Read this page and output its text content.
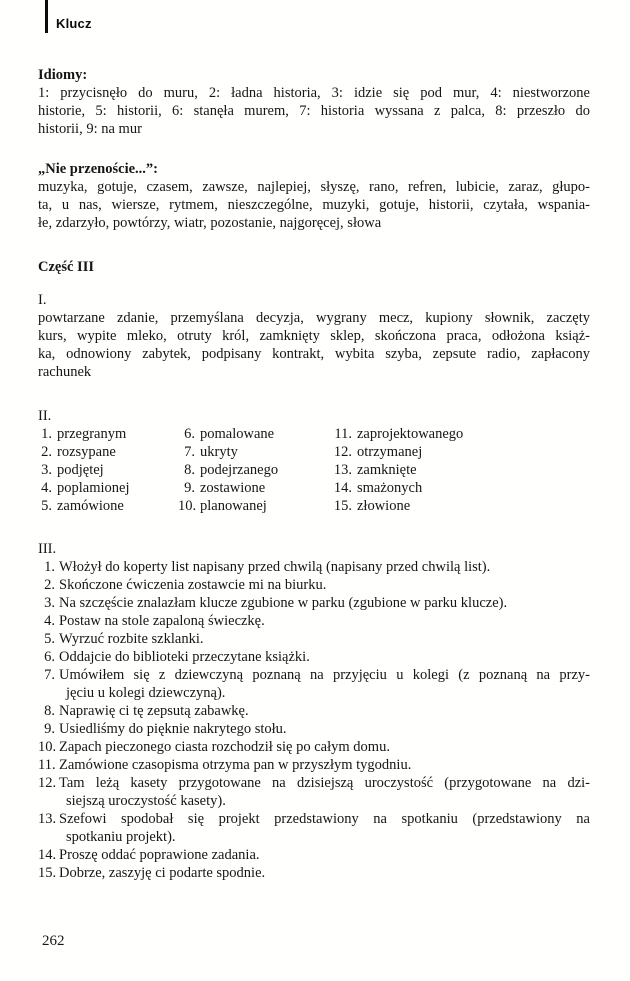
Klucz
Idiomy:
1: przycisnęło do muru, 2: ładna historia, 3: idzie się pod mur, 4: niestworzone
historie, 5: historii, 6: stanęła murem, 7: historia wyssana z palca, 8: przeszło do
historii, 9: na mur
„Nie przenoście...”:
muzyka, gotuje, czasem, zawsze, najlepiej, słyszę, rano, refren, lubicie, zaraz, głupo-
ta, u nas, wiersze, rytmem, nieszczególne, muzyki, gotuje, historii, czytała, wspania-
łe, zdarzyło, powtórzy, wiatr, pozostanie, najgoręcej, słowa
Część III
I.
powtarzane zdanie, przemyślana decyzja, wygrany mecz, kupiony słownik, zaczęty
kurs, wypite mleko, otruty król, zamknięty sklep, skończona praca, odłożona książ-
ka, odnowiony zabytek, podpisany kontrakt, wybita szyba, zepsute radio, zapłacony
rachunek
II.
1. przegranym
2. rozsypane
3. podjętej
4. poplamionej
5. zamówione
6. pomalowane
7. ukryty
8. podejrzanego
9. zostawione
10. planowanej
11. zaprojektowanego
12. otrzymanej
13. zamknięte
14. smażonych
15. złowione
III.
1. Włożył do koperty list napisany przed chwilą (napisany przed chwilą list).
2. Skończone ćwiczenia zostawcie mi na biurku.
3. Na szczęście znalazłam klucze zgubione w parku (zgubione w parku klucze).
4. Postaw na stole zapaloną świeczkę.
5. Wyrzuć rozbite szklanki.
6. Oddajcie do biblioteki przeczytane książki.
7. Umówiłem się z dziewczyną poznaną na przyjęciu u kolegi (z poznaną na przy-
jęciu u kolegi dziewczyną).
8. Naprawię ci tę zepsutą zabawkę.
9. Usiedliśmy do pięknie nakrytego stołu.
10. Zapach pieczonego ciasta rozchodził się po całym domu.
11. Zamówione czasopisma otrzyma pan w przyszłym tygodniu.
12. Tam leżą kasety przygotowane na dzisiejszą uroczystość (przygotowane na dzi-
siejszą uroczystość kasety).
13. Szefowi spodobał się projekt przedstawiony na spotkaniu (przedstawiony na
spotkaniu projekt).
14. Proszę oddać poprawione zadania.
15. Dobrze, zaszyję ci podarte spodnie.
262
